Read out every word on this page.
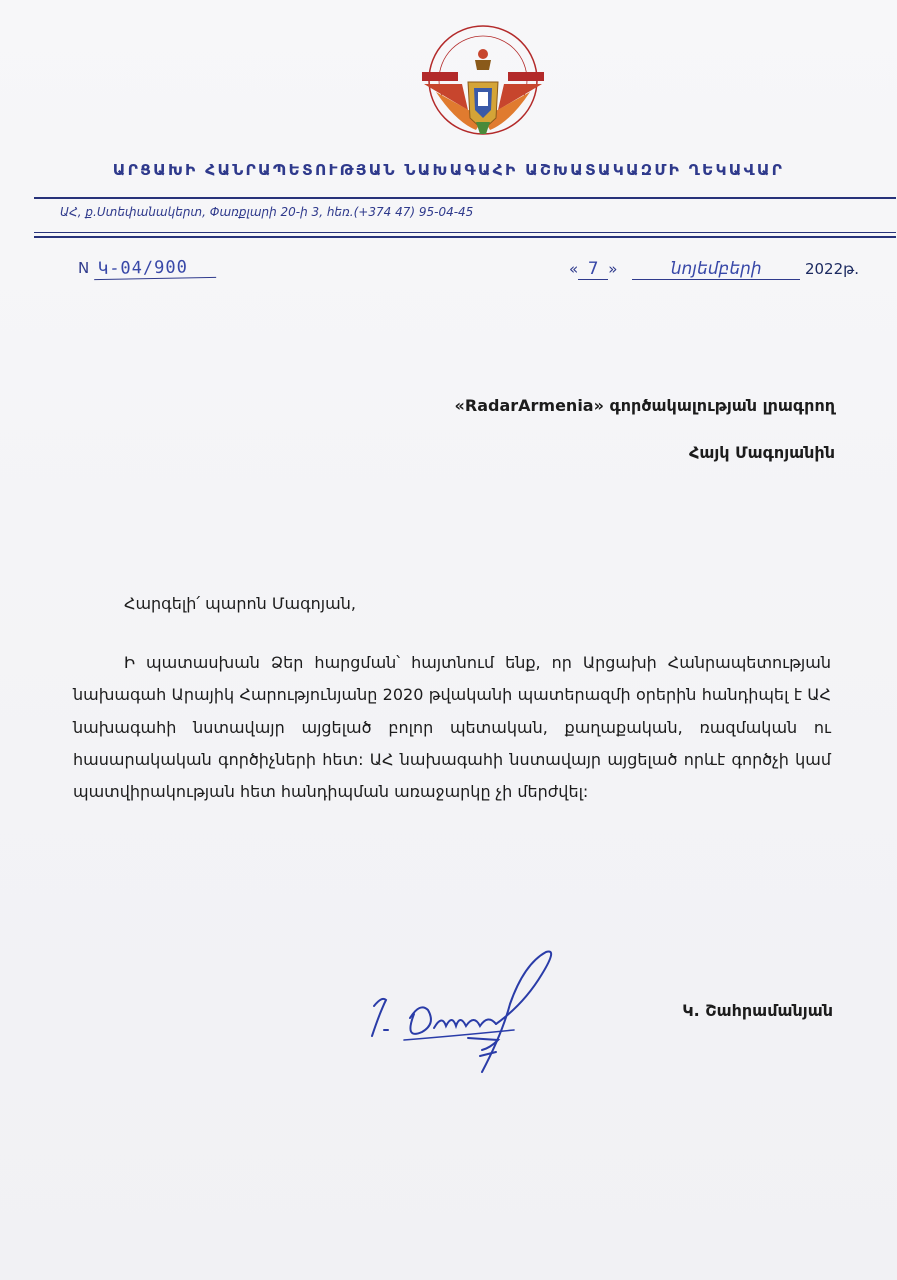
ԱՐՑԱԽԻ ՀԱՆՐԱՊԵՏՈՒԹՅԱՆ ՆԱԽԱԳԱՀԻ ԱՇԽԱՏԱԿԱԶՄԻ ՂԵԿԱՎԱՐ
ԱՀ, ք.Ստեփանակերտ, Փառքլարի 20-ի 3, հեռ.(+374 47) 95-04-45
N Կ-04/900	« 7 »	նոյեմբերի	2022թ.
«RadarArmenia» գործակալության լրագրող
Հայկ Մագոյանին
Հարգելի՛ պարոն Մագոյան,

Ի պատասխան Ձեր հարցման՝ հայտնում ենք, որ Արցախի Հանրապետության նախագահ Արայիկ Հարությունյանը 2020 թվականի պատերազմի օրերին հանդիպել է ԱՀ նախագահի նստավայր այցելած բոլոր պետական, քաղաքական, ռազմական ու հասարակական գործիչների հետ: ԱՀ նախագահի նստավայր այցելած որևէ գործչի կամ պատվիրակության հետ հանդիպման առաջարկը չի մերժվել:

Կ. Շահրամանյան
